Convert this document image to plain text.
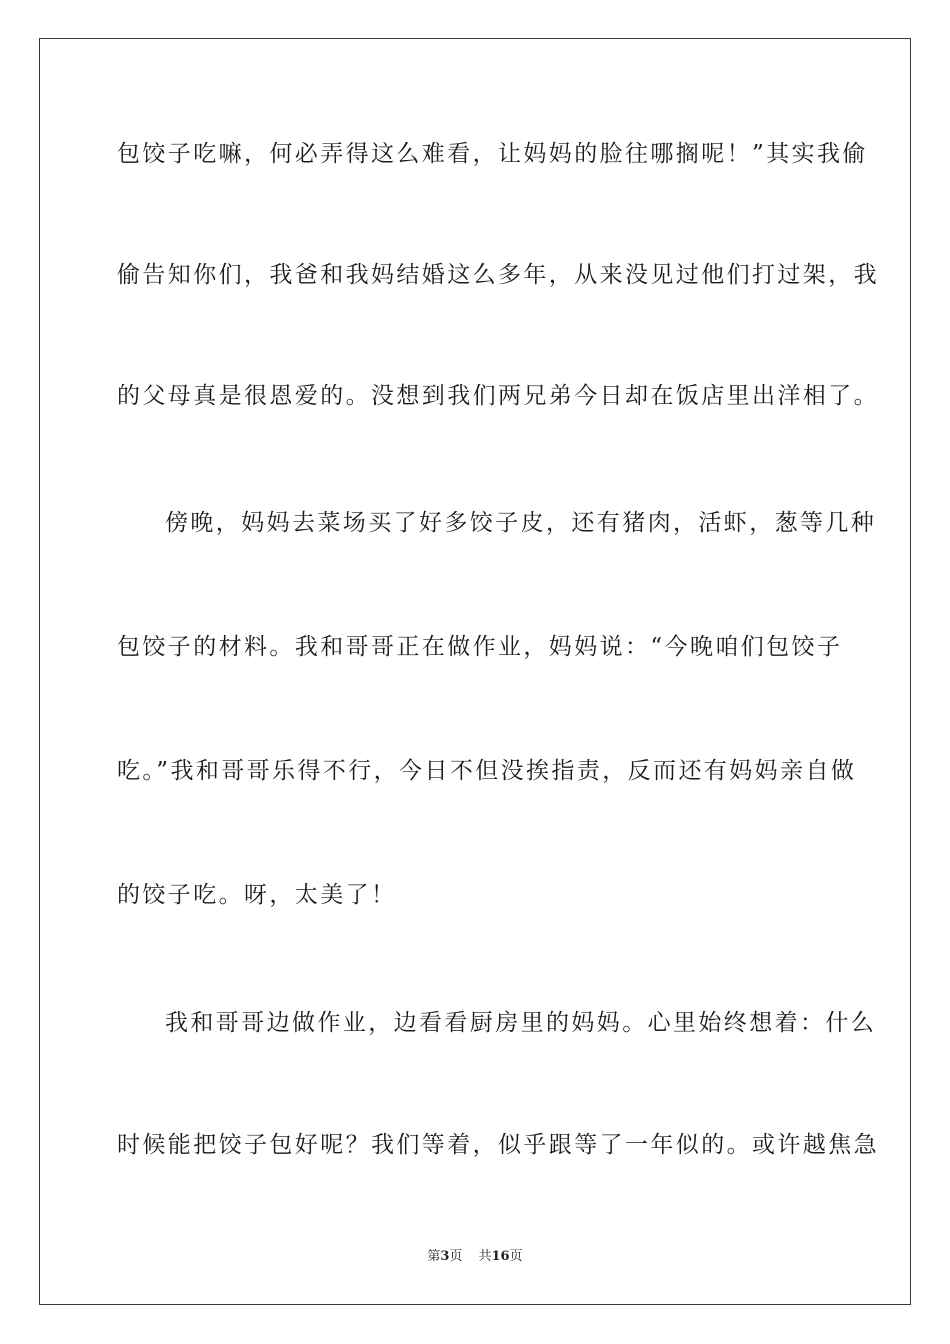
包饺子吃嘛，何必弄得这么难看，让妈妈的脸往哪搁呢！”其实我偷
偷告知你们，我爸和我妈结婚这么多年，从来没见过他们打过架，我
的父母真是很恩爱的。没想到我们两兄弟今日却在饭店里出洋相了。
傍晚，妈妈去菜场买了好多饺子皮，还有猪肉，活虾，葱等几种
包饺子的材料。我和哥哥正在做作业，妈妈说：“今晚咱们包饺子
吃。”我和哥哥乐得不行，今日不但没挨指责，反而还有妈妈亲自做
的饺子吃。呀，太美了！
我和哥哥边做作业，边看看厨房里的妈妈。心里始终想着：什么
时候能把饺子包好呢？我们等着，似乎跟等了一年似的。或许越焦急
第3页 共16页
